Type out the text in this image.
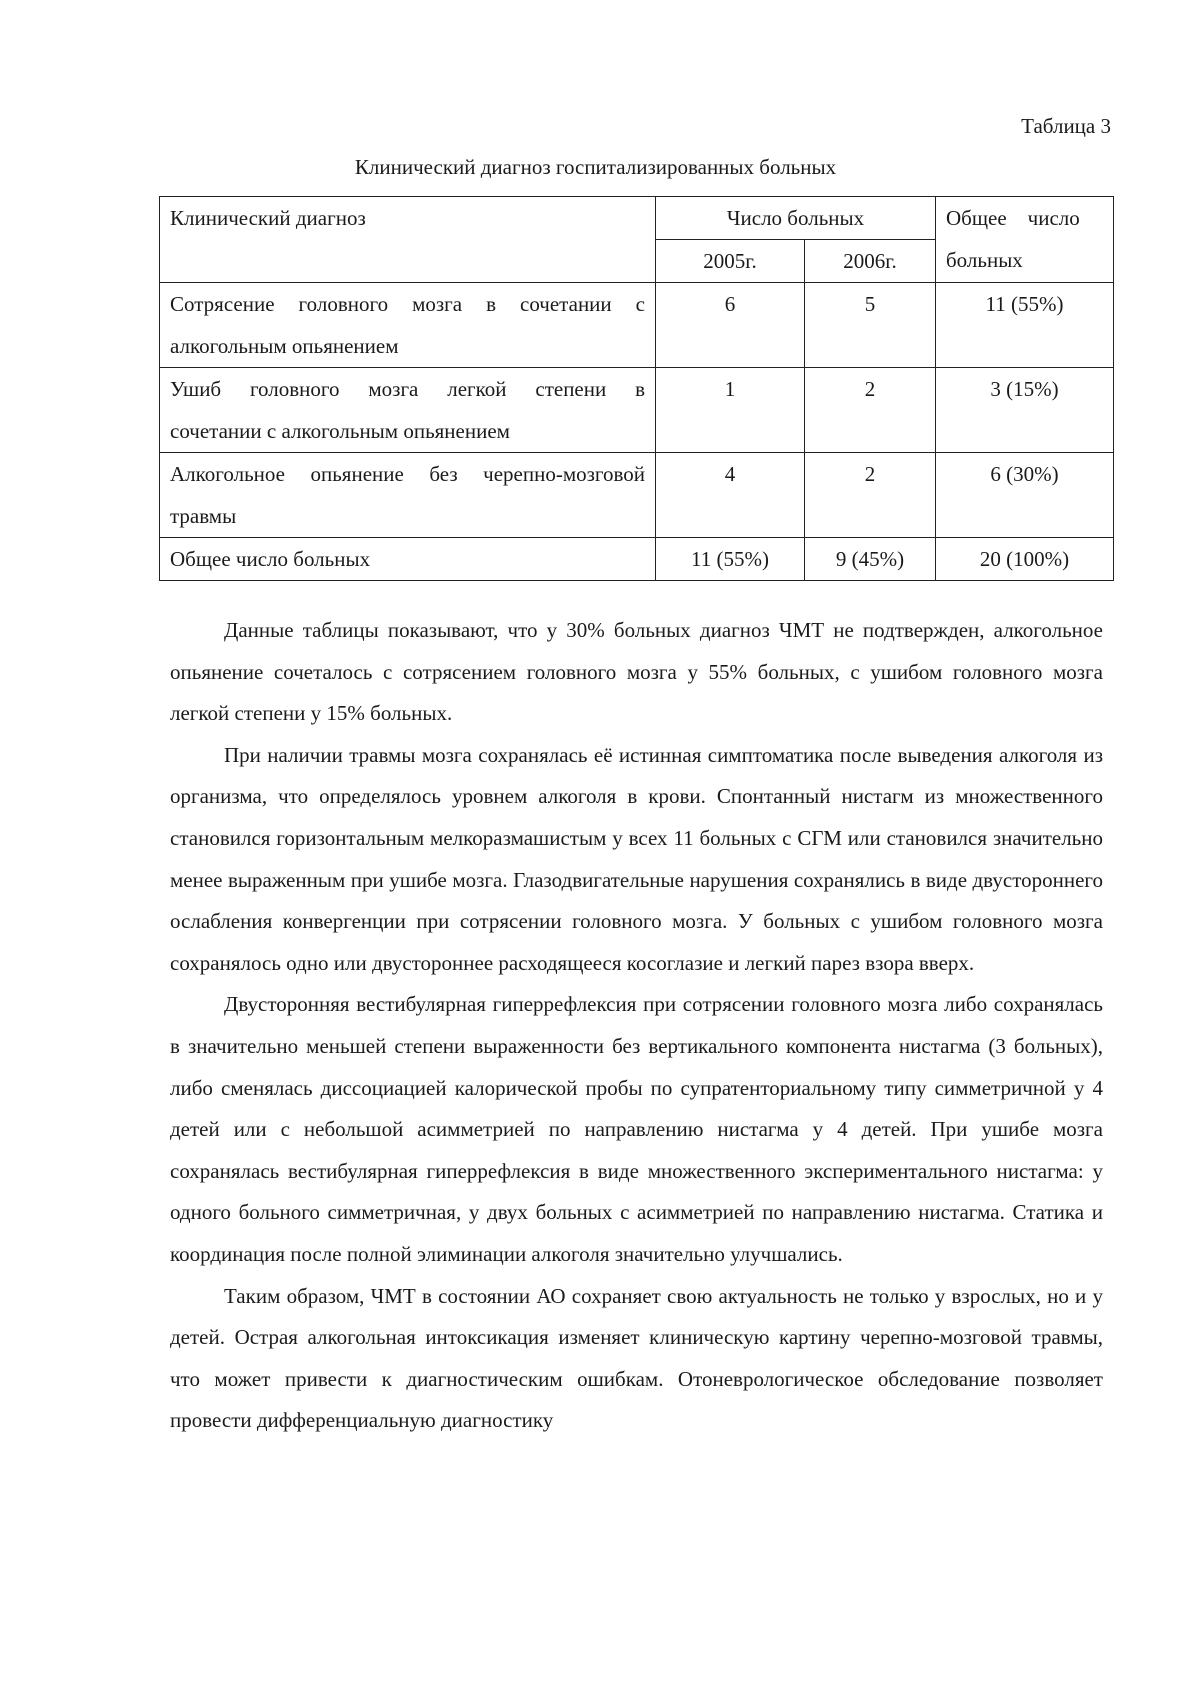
Таблица 3
Клинический диагноз госпитализированных больных
Клинический диагноз	Число больных		Общее    число
больных

	2005г.	2006г.	

Сотрясение головного мозга в сочетании с
алкогольным опьянением	6	5	11 (55%)

Ушиб головного мозга легкой степени в
сочетании с алкогольным опьянением	1	2	3 (15%)

Алкогольное опьянение без черепно-мозговой
травмы	4	2	6 (30%)
Общее число больных	11 (55%)	9 (45%)	20 (100%)

Данные таблицы показывают, что у 30% больных диагноз ЧМТ не подтвержден, алкогольное опьянение сочеталось с сотрясением головного мозга у 55% больных, с ушибом головного мозга легкой степени у 15% больных.

При наличии травмы мозга сохранялась её истинная симптоматика после выведения алкоголя из организма, что определялось уровнем алкоголя в крови. Спонтанный нистагм из множественного становился горизонтальным мелкоразмашистым у всех 11 больных с СГМ или становился значительно менее выраженным при ушибе мозга. Глазодвигательные нарушения сохранялись в виде двустороннего ослабления конвергенции при сотрясении головного мозга. У больных с ушибом головного мозга сохранялось одно или двустороннее расходящееся косоглазие и легкий парез взора вверх.

Двусторонняя вестибулярная гиперрефлексия при сотрясении головного мозга либо сохранялась в значительно меньшей степени выраженности без вертикального компонента нистагма (3 больных), либо сменялась диссоциацией калорической пробы по супратенториальному типу симметричной у 4 детей или с небольшой асимметрией по направлению нистагма у 4 детей. При ушибе мозга сохранялась вестибулярная гиперрефлексия в виде множественного экспериментального нистагма: у одного больного симметричная, у двух больных с асимметрией по направлению нистагма. Статика и координация после полной элиминации алкоголя значительно улучшались.

Таким образом, ЧМТ в состоянии АО сохраняет свою актуальность не только у взрослых, но и у детей. Острая алкогольная интоксикация изменяет клиническую картину черепно-мозговой травмы, что может привести к диагностическим ошибкам. Отоневрологическое обследование позволяет провести дифференциальную диагностику
